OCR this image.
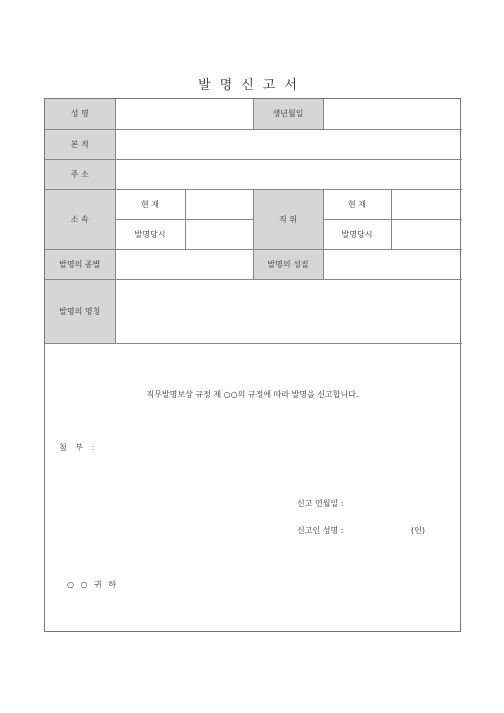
발명신고서
성 명			생년월일		
본 적					
주 소					
소 속	현 재		직 위	현 재	
	발명당시			발명당시	
발명의 종별			발명의 성질		
발명의 명칭					
직무발명보상 규정 제 ○○의 규정에 따라 발명을 신고합니다.
첨 부 :
신고 연월일 :
신고인 성명 :	(인)
○ ○ 귀 하
